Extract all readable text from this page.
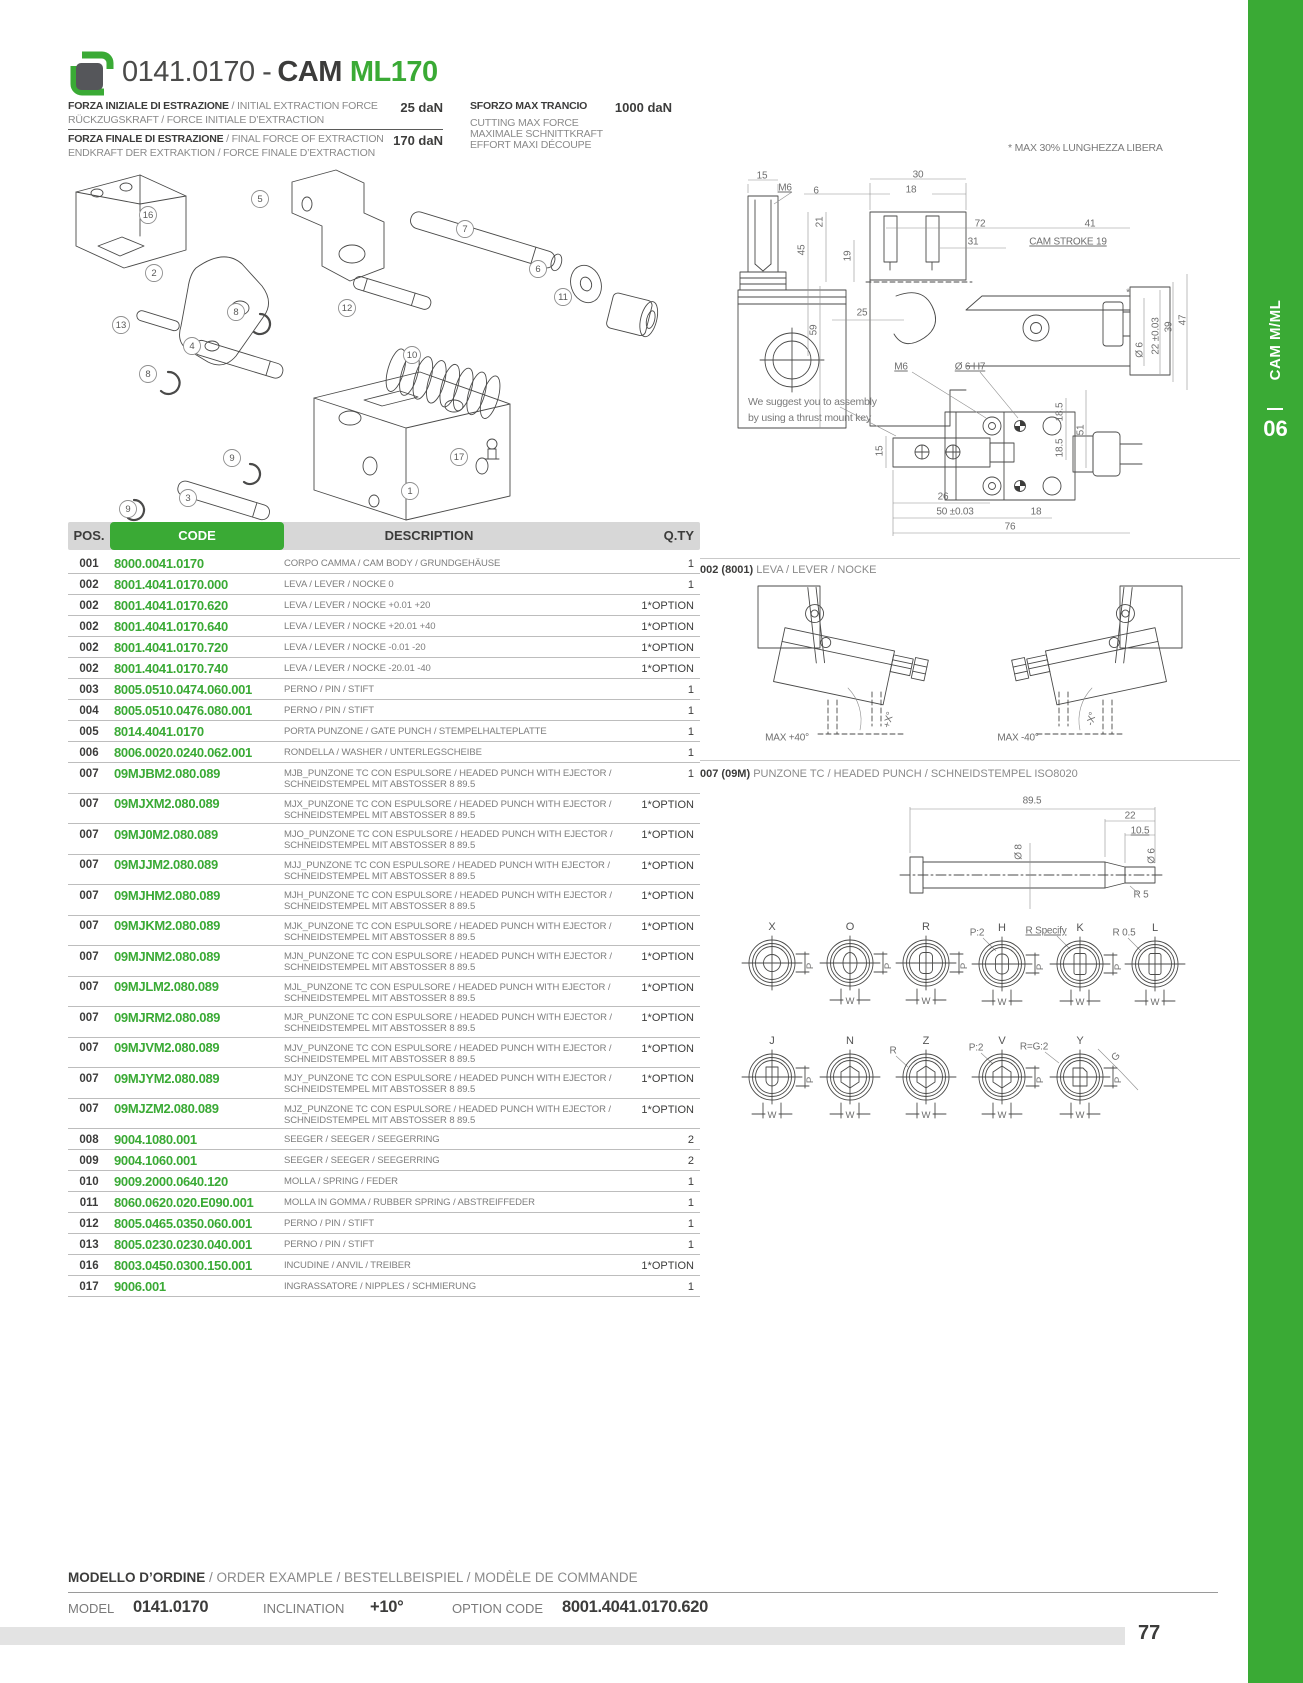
0141.0170 - CAM ML170
FORZA INIZIALE DI ESTRAZIONE / INITIAL EXTRACTION FORCE
RÜCKZUGSKRAFT / FORCE INITIALE D’EXTRACTION
25 daN
FORZA FINALE DI ESTRAZIONE / FINAL FORCE OF EXTRACTION
ENDKRAFT DER EXTRAKTION / FORCE FINALE D’EXTRACTION
170 daN
SFORZO MAX TRANCIO	1000 daN
CUTTING MAX FORCE
MAXIMALE SCHNITTKRAFT
EFFORT MAXI DÉCOUPE	* MAX 30% LUNGHEZZA LIBERA
16
2
5
7
6
11
12
13
8
4
8
10
9
3
9
1
17
15
M6 6
30
18
21
45
19
72	41
31	CAM STROKE 19
59
25
*
Ø 6 22 ±0.03 39
47
M6	Ø 6 H7
15
26
50 ±0.03	18
76
18.5
18.5
51
We suggest you to assembly
by using a thrust mount key
POS.	CODE	DESCRIPTION	Q.TY
001	8000.0041.0170	CORPO CAMMA / CAM BODY / GRUNDGEHÄUSE	1
002	8001.4041.0170.000	LEVA / LEVER / NOCKE 0	1
002	8001.4041.0170.620	LEVA / LEVER / NOCKE +0.01 +20	1*OPTION
002	8001.4041.0170.640	LEVA / LEVER / NOCKE +20.01 +40	1*OPTION
002	8001.4041.0170.720	LEVA / LEVER / NOCKE -0.01 -20	1*OPTION
002	8001.4041.0170.740	LEVA / LEVER / NOCKE -20.01 -40	1*OPTION
003	8005.0510.0474.060.001	PERNO / PIN / STIFT	1
004	8005.0510.0476.080.001	PERNO / PIN / STIFT	1
005	8014.4041.0170	PORTA PUNZONE / GATE PUNCH / STEMPELHALTEPLATTE	1
006	8006.0020.0240.062.001	RONDELLA / WASHER / UNTERLEGSCHEIBE	1
007	09MJBM2.080.089	MJB_PUNZONE TC CON ESPULSORE / HEADED PUNCH WITH EJECTOR / SCHNEIDSTEMPEL MIT ABSTOSSER 8 89.5
1
007	09MJXM2.080.089	MJX_PUNZONE TC CON ESPULSORE / HEADED PUNCH WITH EJECTOR / SCHNEIDSTEMPEL MIT ABSTOSSER 8 89.5
1*OPTION
007	09MJ0M2.080.089	MJO_PUNZONE TC CON ESPULSORE / HEADED PUNCH WITH EJECTOR / SCHNEIDSTEMPEL MIT ABSTOSSER 8 89.5
1*OPTION
007	09MJJM2.080.089	MJJ_PUNZONE TC CON ESPULSORE / HEADED PUNCH WITH EJECTOR / SCHNEIDSTEMPEL MIT ABSTOSSER 8 89.5
1*OPTION
007	09MJHM2.080.089	MJH_PUNZONE TC CON ESPULSORE / HEADED PUNCH WITH EJECTOR / SCHNEIDSTEMPEL MIT ABSTOSSER 8 89.5
1*OPTION
007	09MJKM2.080.089	MJK_PUNZONE TC CON ESPULSORE / HEADED PUNCH WITH EJECTOR / SCHNEIDSTEMPEL MIT ABSTOSSER 8 89.5
1*OPTION
007	09MJNM2.080.089	MJN_PUNZONE TC CON ESPULSORE / HEADED PUNCH WITH EJECTOR / SCHNEIDSTEMPEL MIT ABSTOSSER 8 89.5
1*OPTION
007	09MJLM2.080.089	MJL_PUNZONE TC CON ESPULSORE / HEADED PUNCH WITH EJECTOR / SCHNEIDSTEMPEL MIT ABSTOSSER 8 89.5
1*OPTION
007	09MJRM2.080.089	MJR_PUNZONE TC CON ESPULSORE / HEADED PUNCH WITH EJECTOR / SCHNEIDSTEMPEL MIT ABSTOSSER 8 89.5
1*OPTION
007	09MJVM2.080.089	MJV_PUNZONE TC CON ESPULSORE / HEADED PUNCH WITH EJECTOR / SCHNEIDSTEMPEL MIT ABSTOSSER 8 89.5
1*OPTION
007	09MJYM2.080.089	MJY_PUNZONE TC CON ESPULSORE / HEADED PUNCH WITH EJECTOR / SCHNEIDSTEMPEL MIT ABSTOSSER 8 89.5
1*OPTION
007	09MJZM2.080.089	MJZ_PUNZONE TC CON ESPULSORE / HEADED PUNCH WITH EJECTOR / SCHNEIDSTEMPEL MIT ABSTOSSER 8 89.5
1*OPTION
008	9004.1080.001	SEEGER / SEEGER / SEEGERRING	2
009	9004.1060.001	SEEGER / SEEGER / SEEGERRING	2
010	9009.2000.0640.120	MOLLA / SPRING / FEDER	1
011	8060.0620.020.E090.001	MOLLA IN GOMMA / RUBBER SPRING / ABSTREIFFEDER	1
012	8005.0465.0350.060.001	PERNO / PIN / STIFT	1
013	8005.0230.0230.040.001	PERNO / PIN / STIFT	1
016	8003.0450.0300.150.001	INCUDINE / ANVIL / TREIBER	1*OPTION
017	9006.001	INGRASSATORE / NIPPLES / SCHMIERUNG	1
002 (8001) LEVA / LEVER / NOCKE
MAX +40°
+X°
MAX -40°
-X°
007 (09M) PUNZONE TC / HEADED PUNCH / SCHNEIDSTEMPEL ISO8020
X
P
O
W
P
R
W
P
H
W
P
K
W
P
L
W
J
W
P
N
W
Z
W
V
W
P
Y
W
P
89.5
22
10.5
Ø 8	Ø 6
R 5
P:2	R Specify	R 0.5
R	P:2	R=G:2
G
MODELLO D’ORDINE / ORDER EXAMPLE / BESTELLBEISPIEL / MODÈLE DE COMMANDE
MODEL 0141.0170	INCLINATION +10°	OPTION CODE 8001.4041.0170.620
77
CAM M/ML
06
